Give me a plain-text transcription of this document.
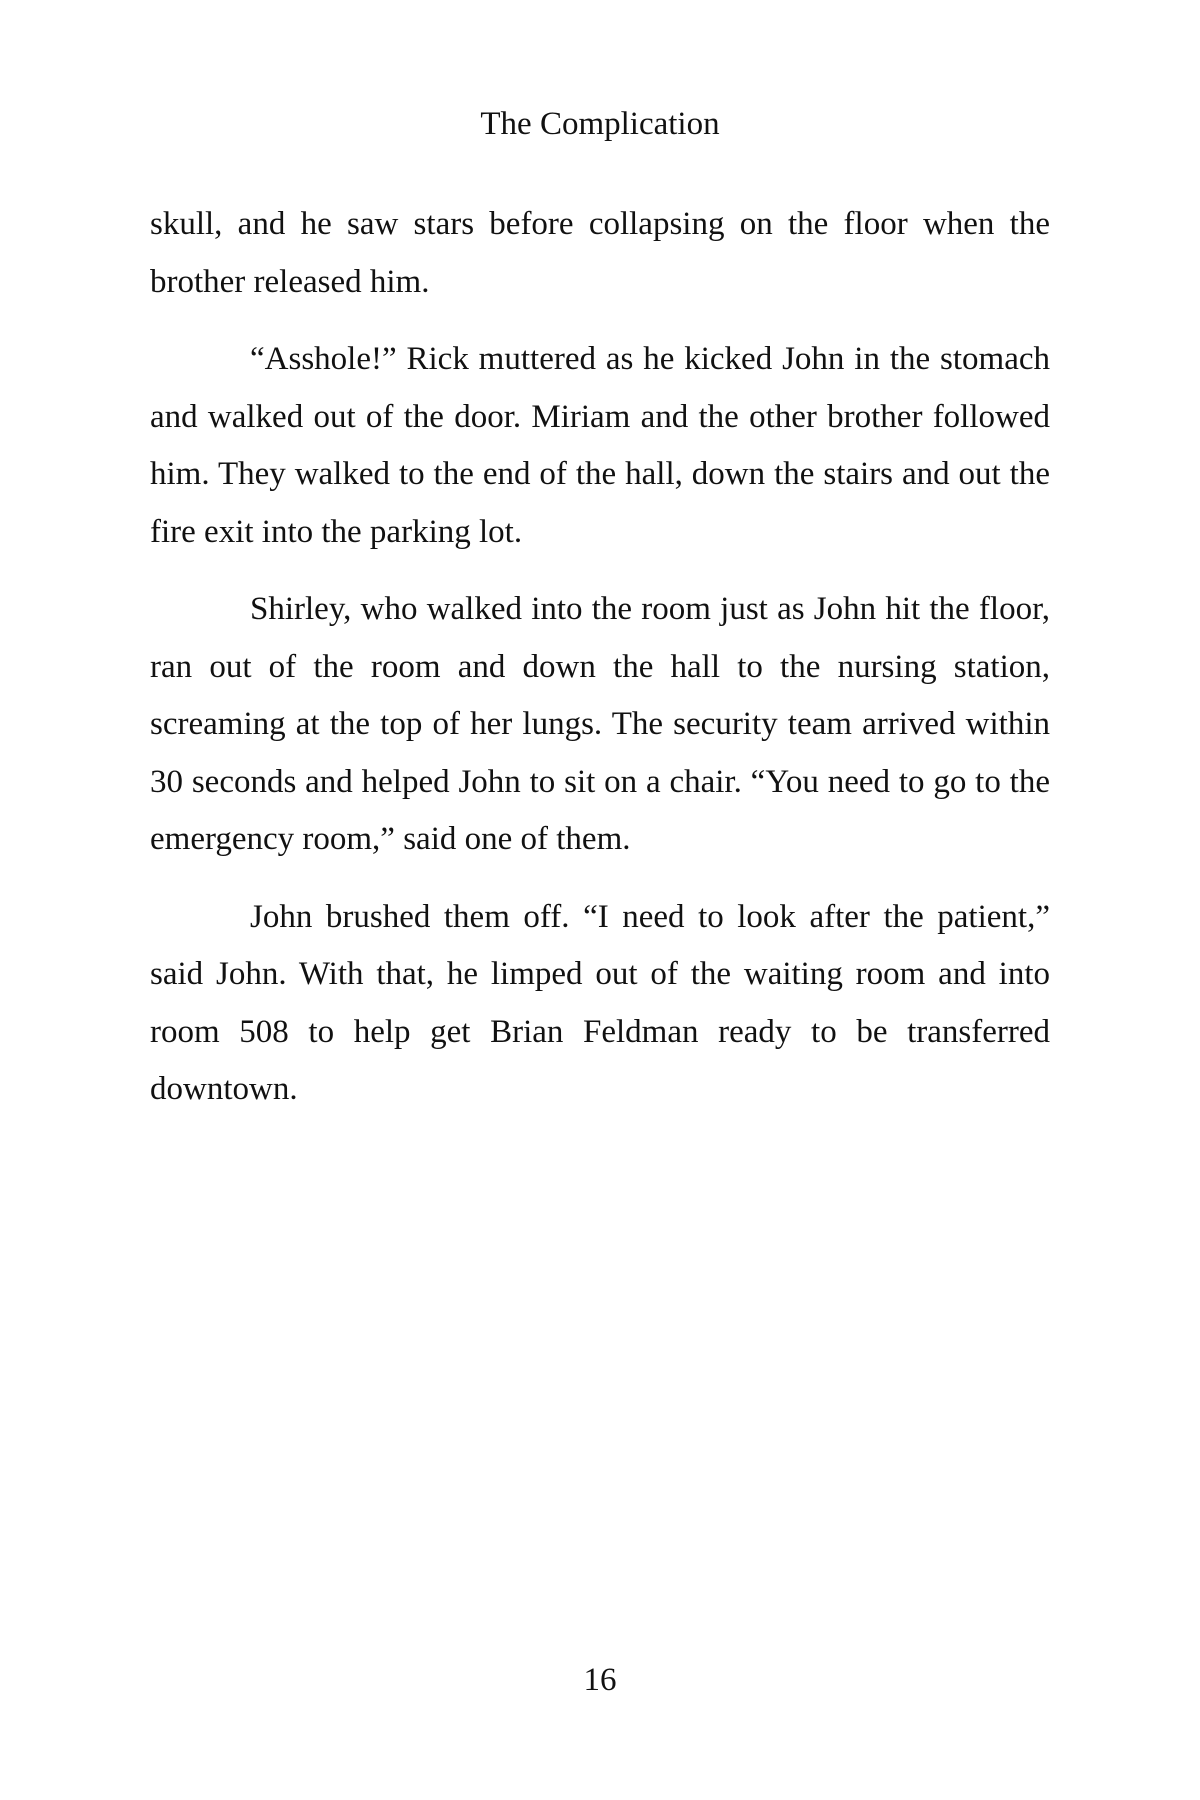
The Complication

skull, and he saw stars before collapsing on the floor when the brother released him.

“Asshole!” Rick muttered as he kicked John in the stomach and walked out of the door. Miriam and the other brother followed him. They walked to the end of the hall, down the stairs and out the fire exit into the parking lot.

Shirley, who walked into the room just as John hit the floor, ran out of the room and down the hall to the nursing station, screaming at the top of her lungs. The security team arrived within 30 seconds and helped John to sit on a chair. “You need to go to the emergency room,” said one of them.

John brushed them off. “I need to look after the patient,” said John. With that, he limped out of the waiting room and into room 508 to help get Brian Feldman ready to be transferred downtown.

16
